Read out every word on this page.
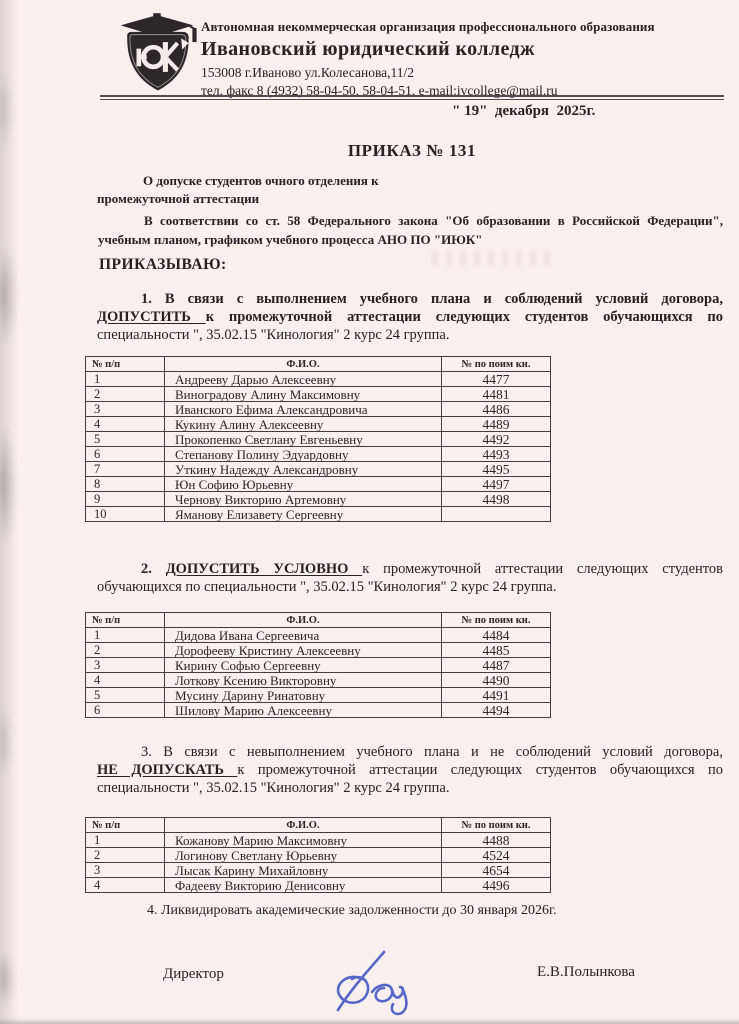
Автономная некоммерческая организация профессионального образования
Ивановский юридический колледж
153008 г.Иваново ул.Колесанова,11/2
тел, факс 8 (4932) 58-04-50, 58-04-51, e-mail:ivcollege@mail.ru
" 19"  декабря  2025г.
ПРИКАЗ № 131
О допуске студентов очного отделения к
промежуточной аттестации
В соответствии со ст. 58 Федерального закона "Об образовании в Российской Федерации",
учебным планом, графиком учебного процесса АНО ПО "ИЮК"
ПРИКАЗЫВАЮ:
1. В связи с выполнением учебного плана и соблюдений условий договора,
ДОПУСТИТЬ к промежуточной аттестации следующих студентов обучающихся по
специальности ", 35.02.15 "Кинология" 2 курс 24 группа.
№ п/п	Ф.И.О.	№ по поим кн.
1	Андрееву Дарью Алексеевну	4477
2	Виноградову Алину Максимовну	4481
3	Иванского Ефима Александровича	4486
4	Кукину Алину Алексеевну	4489
5	Прокопенко Светлану Евгеньевну	4492
6	Степанову Полину Эдуардовну	4493
7	Уткину Надежду Александровну	4495
8	Юн Софию Юрьевну	4497
9	Чернову Викторию Артемовну	4498
10	Яманову Елизавету Сергеевну	
2. ДОПУСТИТЬ УСЛОВНО к промежуточной аттестации следующих студентов
обучающихся по специальности ", 35.02.15 "Кинология" 2 курс 24 группа.
№ п/п	Ф.И.О.	№ по поим кн.
1	Дидова Ивана Сергеевича	4484
2	Дорофееву Кристину Алексеевну	4485
3	Кирину Софью Сергеевну	4487
4	Лоткову Ксению Викторовну	4490
5	Мусину Дарину Ринатовну	4491
6	Шилову Марию Алексеевну	4494
3. В связи с невыполнением учебного плана и не соблюдений условий договора,
НЕ ДОПУСКАТЬ к промежуточной аттестации следующих студентов обучающихся по
специальности ", 35.02.15 "Кинология" 2 курс 24 группа.
№ п/п	Ф.И.О.	№ по поим кн.
1	Кожанову Марию Максимовну	4488
2	Логинову Светлану Юрьевну	4524
3	Лысак Карину Михайловну	4654
4	Фадееву Викторию Денисовну	4496
4. Ликвидировать академические задолженности до 30 января 2026г.
Директор	Е.В.Полынкова
